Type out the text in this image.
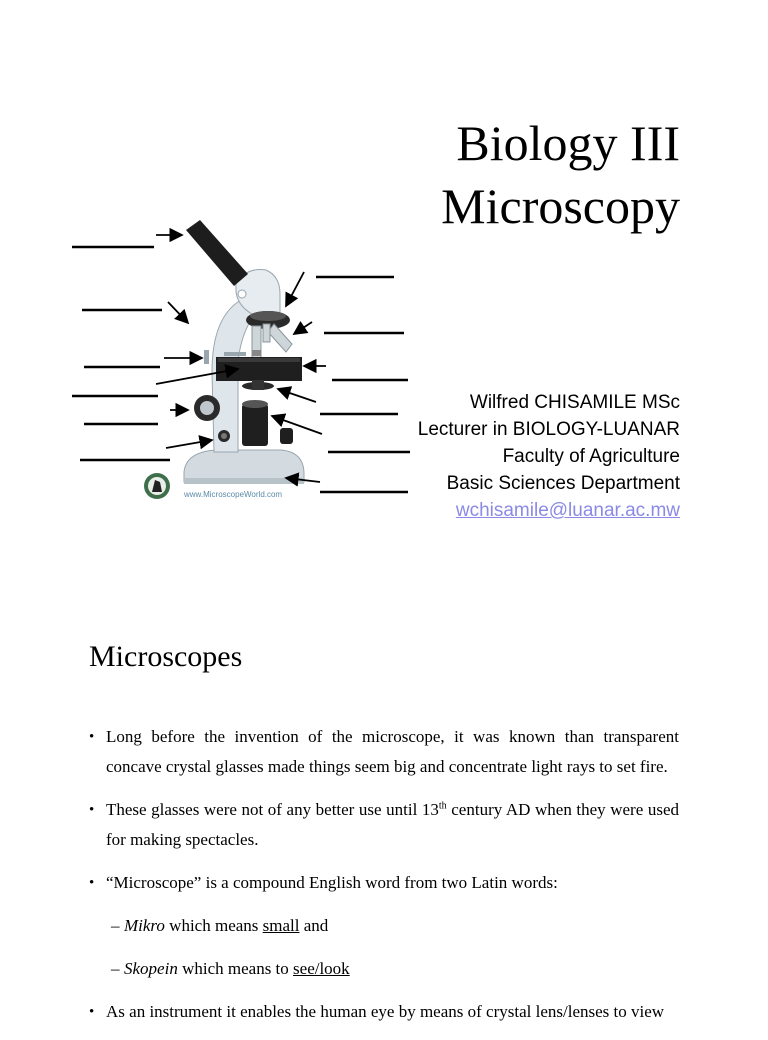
Biology III
Microscopy
www.MicroscopeWorld.com
Wilfred CHISAMILE MSc
Lecturer in BIOLOGY-LUANAR
Faculty of Agriculture
Basic Sciences Department
wchisamile@luanar.ac.mw
Microscopes
• Long before the invention of the microscope, it was known than transparent concave crystal glasses made things seem big and concentrate light rays to set fire.
• These glasses were not of any better use until 13th century AD when they were used for making spectacles.
• “Microscope” is a compound English word from two Latin words:
– Mikro which means small and
– Skopein which means to see/look
• As an instrument it enables the human eye by means of crystal lens/lenses to view
